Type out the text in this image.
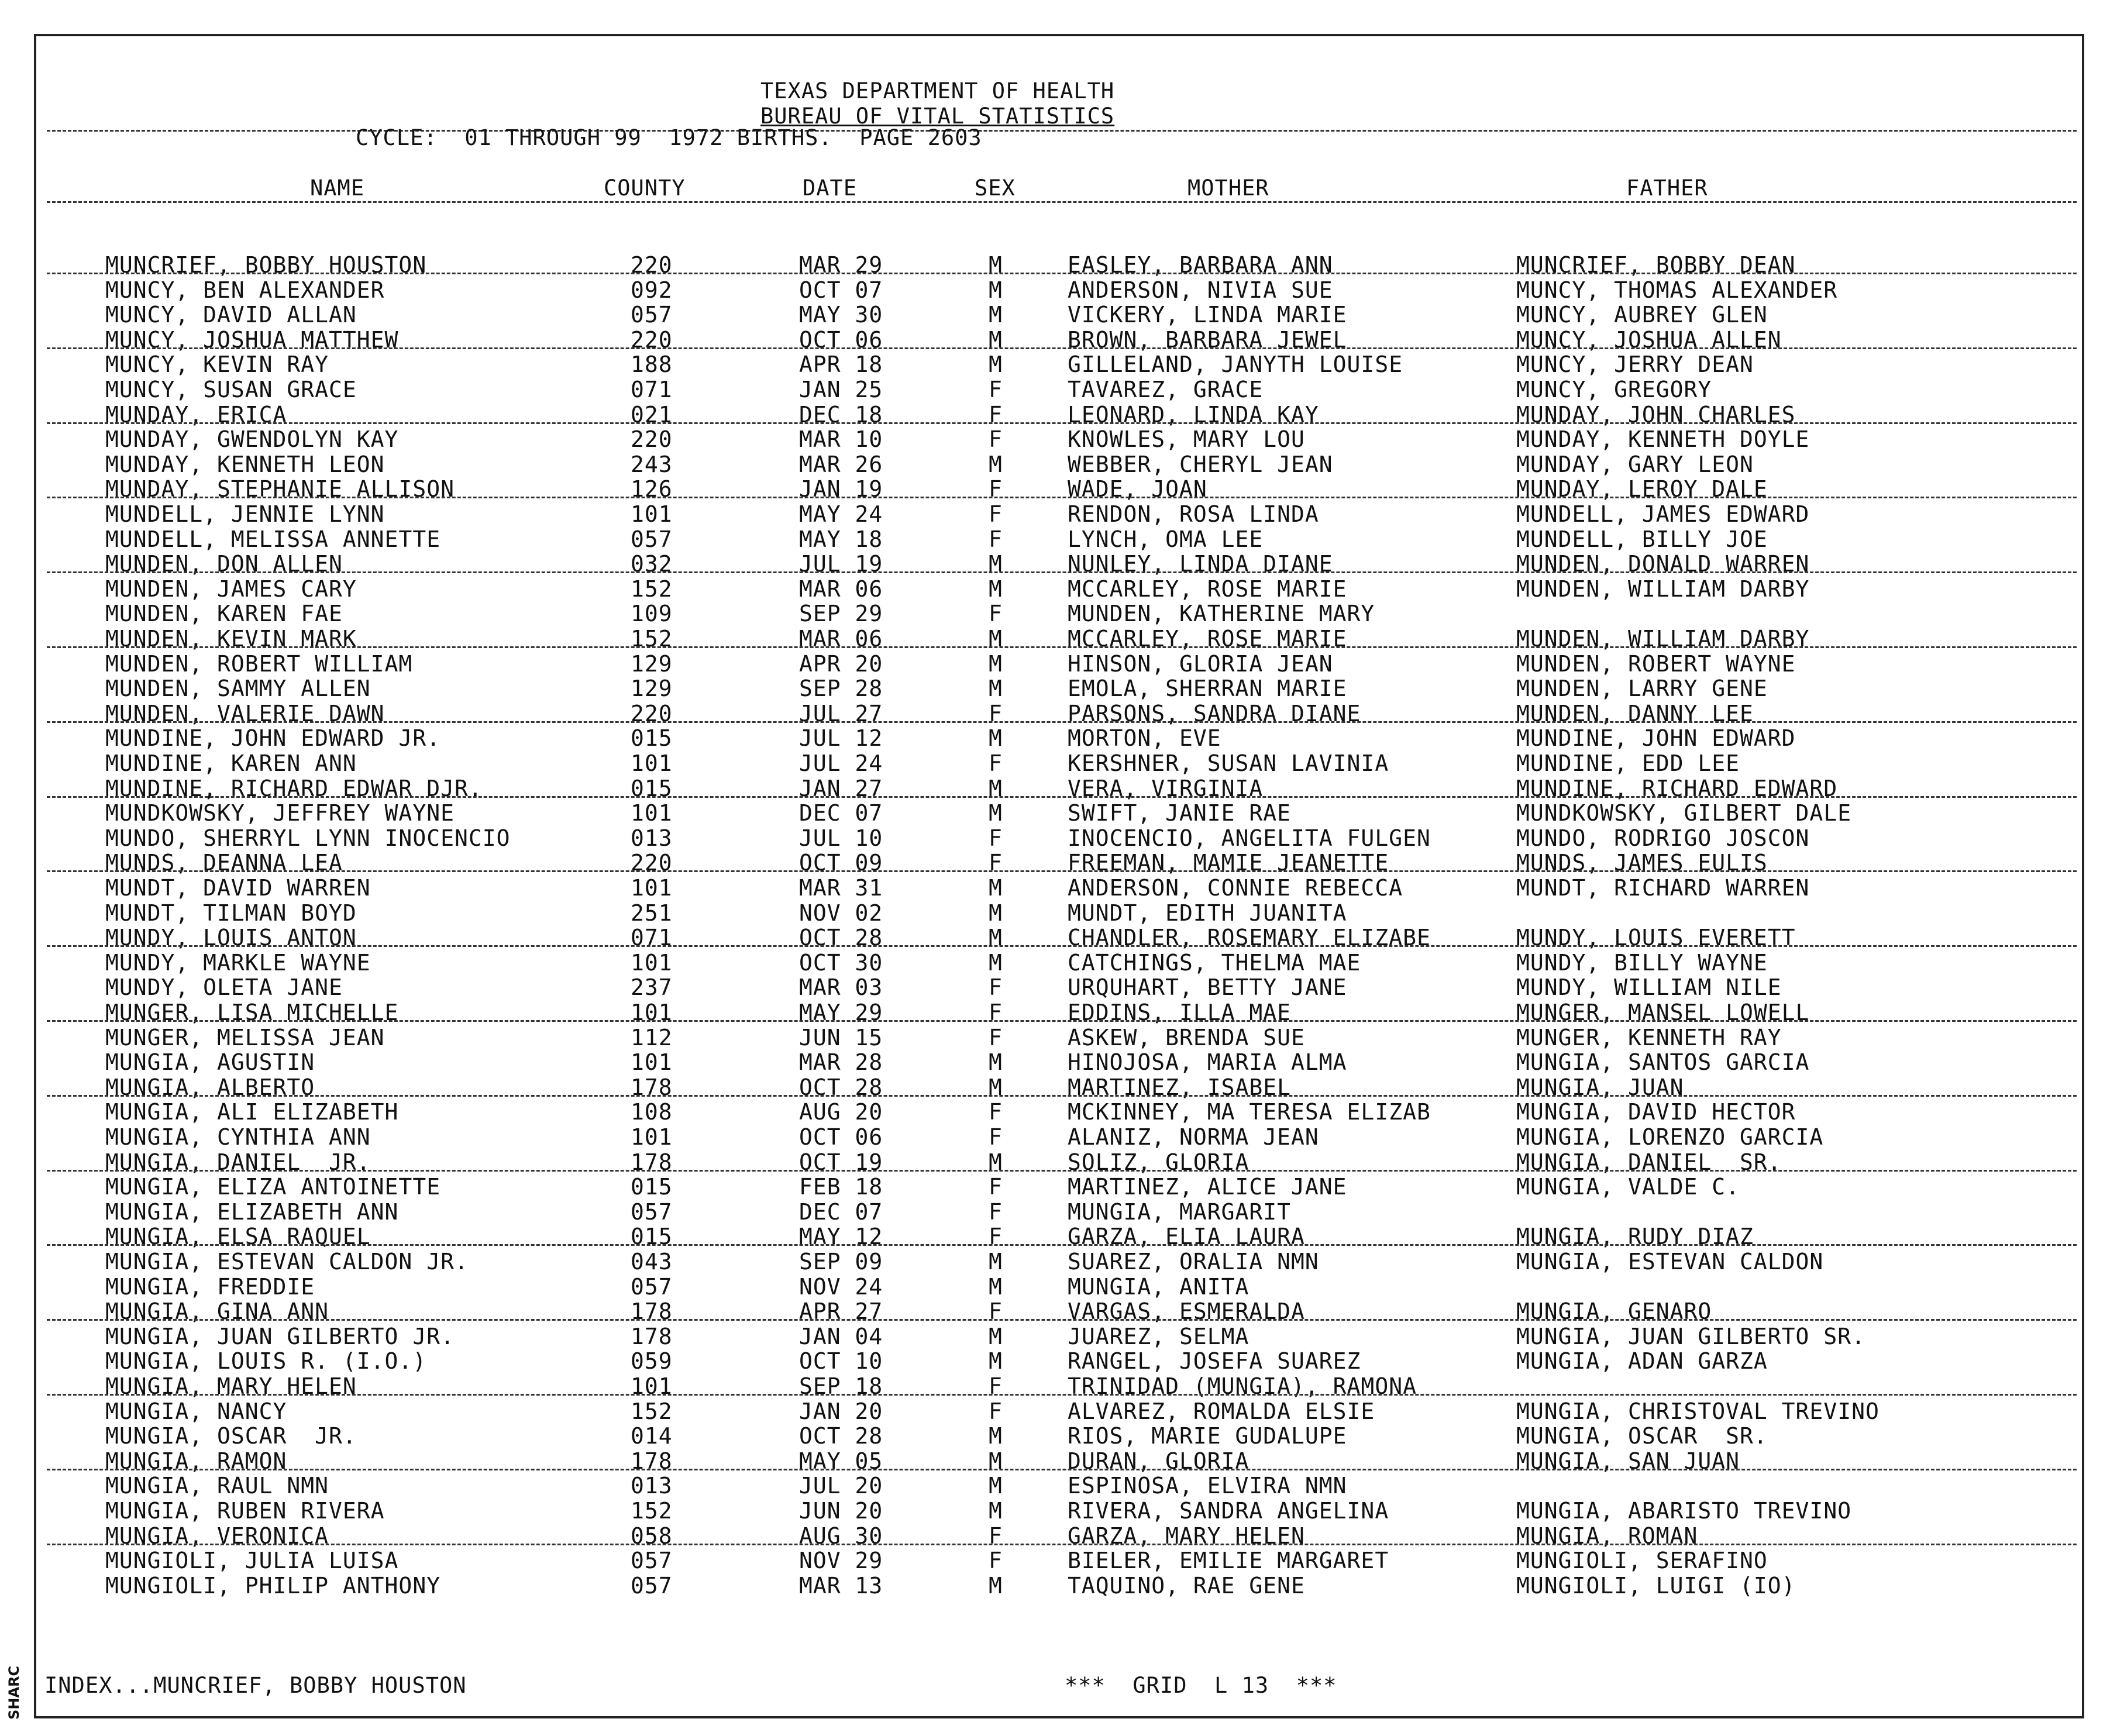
SHARC
TEXAS DEPARTMENT OF HEALTH
BUREAU OF VITAL STATISTICS
CYCLE:  01 THROUGH 99  1972 BIRTHS.  PAGE 2603
NAME	COUNTY	DATE	SEX	MOTHER	FATHER
MUNCRIEF, BOBBY HOUSTON	220	MAR 29	M	EASLEY, BARBARA ANN	MUNCRIEF, BOBBY DEAN
MUNCY, BEN ALEXANDER	092	OCT 07	M	ANDERSON, NIVIA SUE	MUNCY, THOMAS ALEXANDER
MUNCY, DAVID ALLAN	057	MAY 30	M	VICKERY, LINDA MARIE	MUNCY, AUBREY GLEN
MUNCY, JOSHUA MATTHEW	220	OCT 06	M	BROWN, BARBARA JEWEL	MUNCY, JOSHUA ALLEN
MUNCY, KEVIN RAY	188	APR 18	M	GILLELAND, JANYTH LOUISE	MUNCY, JERRY DEAN
MUNCY, SUSAN GRACE	071	JAN 25	F	TAVAREZ, GRACE	MUNCY, GREGORY
MUNDAY, ERICA	021	DEC 18	F	LEONARD, LINDA KAY	MUNDAY, JOHN CHARLES
MUNDAY, GWENDOLYN KAY	220	MAR 10	F	KNOWLES, MARY LOU	MUNDAY, KENNETH DOYLE
MUNDAY, KENNETH LEON	243	MAR 26	M	WEBBER, CHERYL JEAN	MUNDAY, GARY LEON
MUNDAY, STEPHANIE ALLISON	126	JAN 19	F	WADE, JOAN	MUNDAY, LEROY DALE
MUNDELL, JENNIE LYNN	101	MAY 24	F	RENDON, ROSA LINDA	MUNDELL, JAMES EDWARD
MUNDELL, MELISSA ANNETTE	057	MAY 18	F	LYNCH, OMA LEE	MUNDELL, BILLY JOE
MUNDEN, DON ALLEN	032	JUL 19	M	NUNLEY, LINDA DIANE	MUNDEN, DONALD WARREN
MUNDEN, JAMES CARY	152	MAR 06	M	MCCARLEY, ROSE MARIE	MUNDEN, WILLIAM DARBY
MUNDEN, KAREN FAE	109	SEP 29	F	MUNDEN, KATHERINE MARY
MUNDEN, KEVIN MARK	152	MAR 06	M	MCCARLEY, ROSE MARIE	MUNDEN, WILLIAM DARBY
MUNDEN, ROBERT WILLIAM	129	APR 20	M	HINSON, GLORIA JEAN	MUNDEN, ROBERT WAYNE
MUNDEN, SAMMY ALLEN	129	SEP 28	M	EMOLA, SHERRAN MARIE	MUNDEN, LARRY GENE
MUNDEN, VALERIE DAWN	220	JUL 27	F	PARSONS, SANDRA DIANE	MUNDEN, DANNY LEE
MUNDINE, JOHN EDWARD JR.	015	JUL 12	M	MORTON, EVE	MUNDINE, JOHN EDWARD
MUNDINE, KAREN ANN	101	JUL 24	F	KERSHNER, SUSAN LAVINIA	MUNDINE, EDD LEE
MUNDINE, RICHARD EDWAR DJR.	015	JAN 27	M	VERA, VIRGINIA	MUNDINE, RICHARD EDWARD
MUNDKOWSKY, JEFFREY WAYNE	101	DEC 07	M	SWIFT, JANIE RAE	MUNDKOWSKY, GILBERT DALE
MUNDO, SHERRYL LYNN INOCENCIO	013	JUL 10	F	INOCENCIO, ANGELITA FULGEN	MUNDO, RODRIGO JOSCON
MUNDS, DEANNA LEA	220	OCT 09	F	FREEMAN, MAMIE JEANETTE	MUNDS, JAMES EULIS
MUNDT, DAVID WARREN	101	MAR 31	M	ANDERSON, CONNIE REBECCA	MUNDT, RICHARD WARREN
MUNDT, TILMAN BOYD	251	NOV 02	M	MUNDT, EDITH JUANITA
MUNDY, LOUIS ANTON	071	OCT 28	M	CHANDLER, ROSEMARY ELIZABE	MUNDY, LOUIS EVERETT
MUNDY, MARKLE WAYNE	101	OCT 30	M	CATCHINGS, THELMA MAE	MUNDY, BILLY WAYNE
MUNDY, OLETA JANE	237	MAR 03	F	URQUHART, BETTY JANE	MUNDY, WILLIAM NILE
MUNGER, LISA MICHELLE	101	MAY 29	F	EDDINS, ILLA MAE	MUNGER, MANSEL LOWELL
MUNGER, MELISSA JEAN	112	JUN 15	F	ASKEW, BRENDA SUE	MUNGER, KENNETH RAY
MUNGIA, AGUSTIN	101	MAR 28	M	HINOJOSA, MARIA ALMA	MUNGIA, SANTOS GARCIA
MUNGIA, ALBERTO	178	OCT 28	M	MARTINEZ, ISABEL	MUNGIA, JUAN
MUNGIA, ALI ELIZABETH	108	AUG 20	F	MCKINNEY, MA TERESA ELIZAB	MUNGIA, DAVID HECTOR
MUNGIA, CYNTHIA ANN	101	OCT 06	F	ALANIZ, NORMA JEAN	MUNGIA, LORENZO GARCIA
MUNGIA, DANIEL  JR.	178	OCT 19	M	SOLIZ, GLORIA	MUNGIA, DANIEL  SR.
MUNGIA, ELIZA ANTOINETTE	015	FEB 18	F	MARTINEZ, ALICE JANE	MUNGIA, VALDE C.
MUNGIA, ELIZABETH ANN	057	DEC 07	F	MUNGIA, MARGARIT
MUNGIA, ELSA RAQUEL	015	MAY 12	F	GARZA, ELIA LAURA	MUNGIA, RUDY DIAZ
MUNGIA, ESTEVAN CALDON JR.	043	SEP 09	M	SUAREZ, ORALIA NMN	MUNGIA, ESTEVAN CALDON
MUNGIA, FREDDIE	057	NOV 24	M	MUNGIA, ANITA
MUNGIA, GINA ANN	178	APR 27	F	VARGAS, ESMERALDA	MUNGIA, GENARO
MUNGIA, JUAN GILBERTO JR.	178	JAN 04	M	JUAREZ, SELMA	MUNGIA, JUAN GILBERTO SR.
MUNGIA, LOUIS R. (I.O.)	059	OCT 10	M	RANGEL, JOSEFA SUAREZ	MUNGIA, ADAN GARZA
MUNGIA, MARY HELEN	101	SEP 18	F	TRINIDAD (MUNGIA), RAMONA
MUNGIA, NANCY	152	JAN 20	F	ALVAREZ, ROMALDA ELSIE	MUNGIA, CHRISTOVAL TREVINO
MUNGIA, OSCAR  JR.	014	OCT 28	M	RIOS, MARIE GUDALUPE	MUNGIA, OSCAR  SR.
MUNGIA, RAMON	178	MAY 05	M	DURAN, GLORIA	MUNGIA, SAN JUAN
MUNGIA, RAUL NMN	013	JUL 20	M	ESPINOSA, ELVIRA NMN
MUNGIA, RUBEN RIVERA	152	JUN 20	M	RIVERA, SANDRA ANGELINA	MUNGIA, ABARISTO TREVINO
MUNGIA, VERONICA	058	AUG 30	F	GARZA, MARY HELEN	MUNGIA, ROMAN
MUNGIOLI, JULIA LUISA	057	NOV 29	F	BIELER, EMILIE MARGARET	MUNGIOLI, SERAFINO
MUNGIOLI, PHILIP ANTHONY	057	MAR 13	M	TAQUINO, RAE GENE	MUNGIOLI, LUIGI (IO)
INDEX...MUNCRIEF, BOBBY HOUSTON	***  GRID  L 13  ***
